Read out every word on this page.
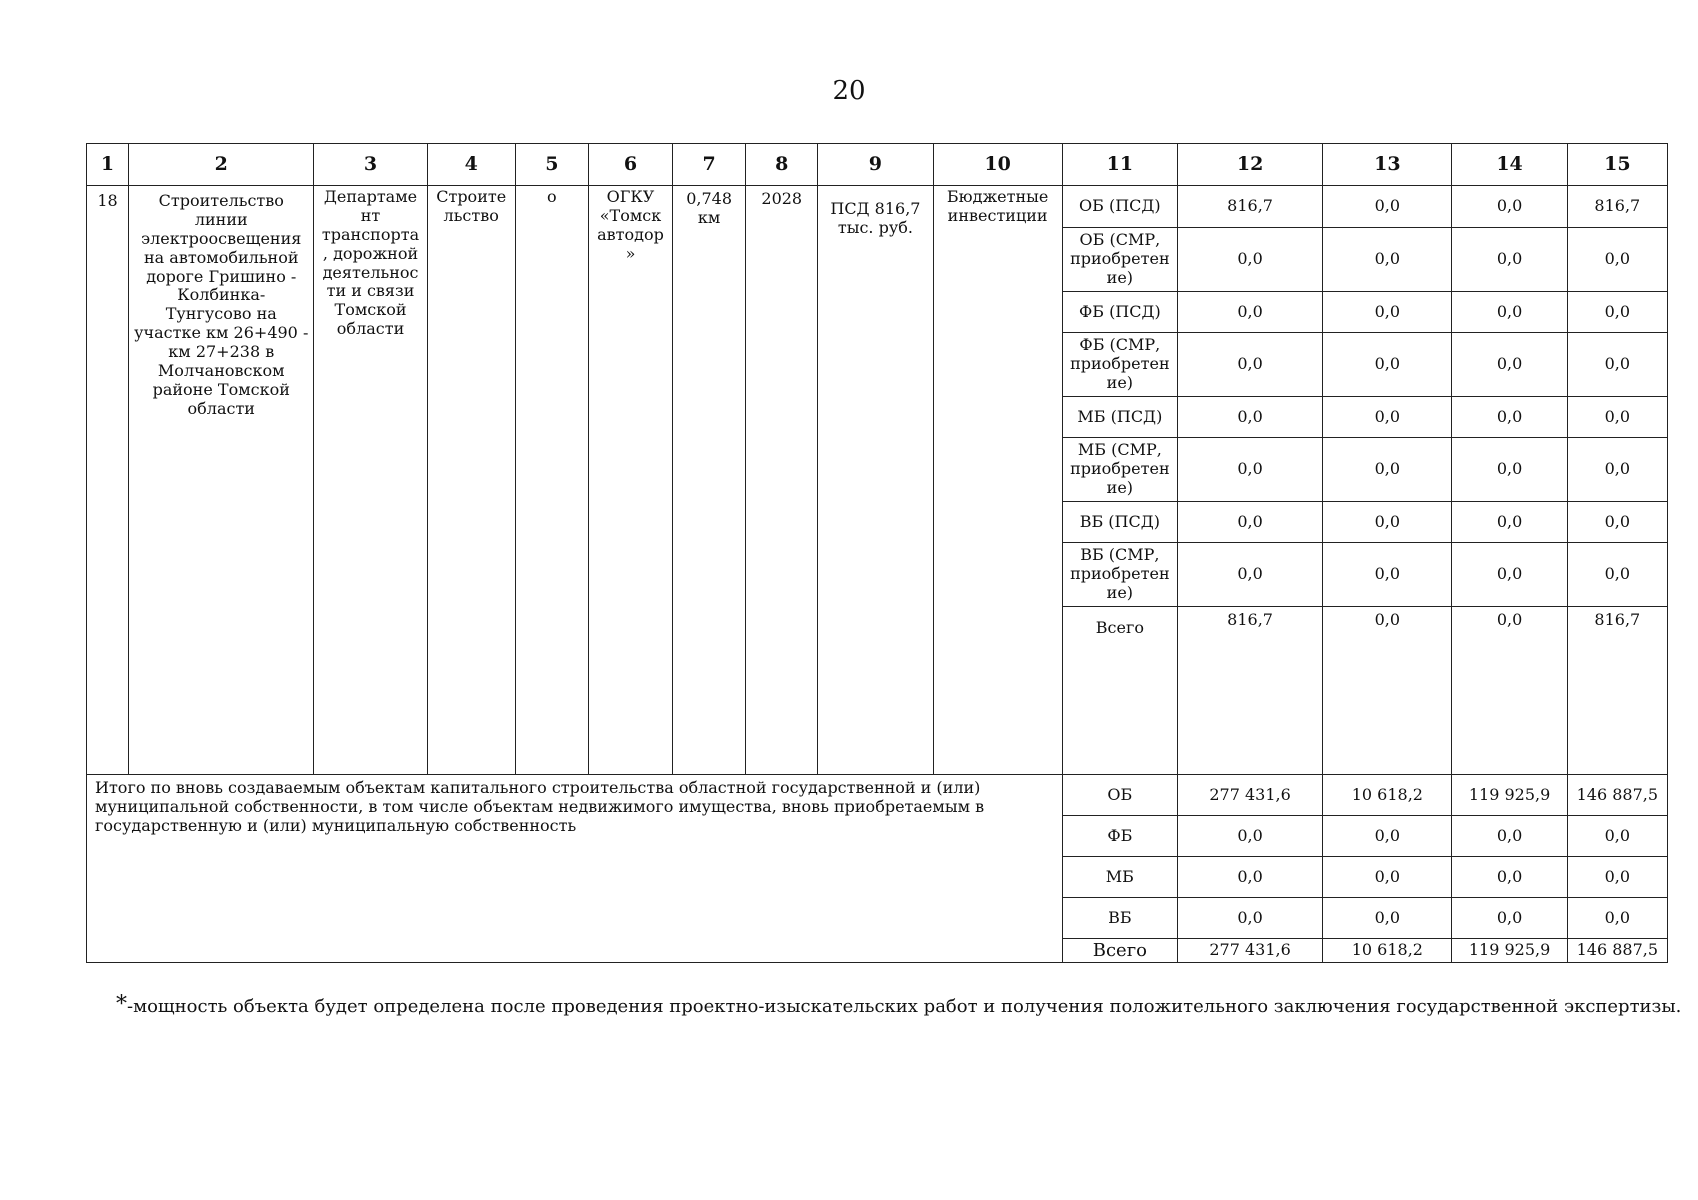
20
1	2	3	4	5	6	7	8	9	10	11	12	13	14	15
18	Строительство линии электроосвещения на автомобильной дороге Гришино - Колбинка- Тунгусово на участке км 26+490 - км 27+238 в Молчановском районе Томской области	Департаме нт транспорта , дорожной деятельнос ти и связи Томской области	Строите льство	о	ОГКУ «Томск автодор »	0,748 км	2028	ПСД 816,7 тыс. руб.	Бюджетные инвестиции	ОБ (ПСД)	816,7	0,0	0,0	816,7
										ОБ (СМР, приобретен ие)	0,0	0,0	0,0	0,0
										ФБ (ПСД)	0,0	0,0	0,0	0,0
										ФБ (СМР, приобретен ие)	0,0	0,0	0,0	0,0
										МБ (ПСД)	0,0	0,0	0,0	0,0
										МБ (СМР, приобретен ие)	0,0	0,0	0,0	0,0
										ВБ (ПСД)	0,0	0,0	0,0	0,0
										ВБ (СМР, приобретен ие)	0,0	0,0	0,0	0,0
										Всего	816,7	0,0	0,0	816,7
Итого по вновь создаваемым объектам капитального строительства областной государственной и (или) муниципальной собственности, в том числе объектам недвижимого имущества, вновь приобретаемым в государственную и (или) муниципальную собственность										ОБ	277 431,6	10 618,2	119 925,9	146 887,5
										ФБ	0,0	0,0	0,0	0,0
										МБ	0,0	0,0	0,0	0,0
										ВБ	0,0	0,0	0,0	0,0
										Всего	277 431,6	10 618,2	119 925,9	146 887,5
*-мощность объекта будет определена после проведения проектно-изыскательских работ и получения положительного заключения государственной экспертизы.
